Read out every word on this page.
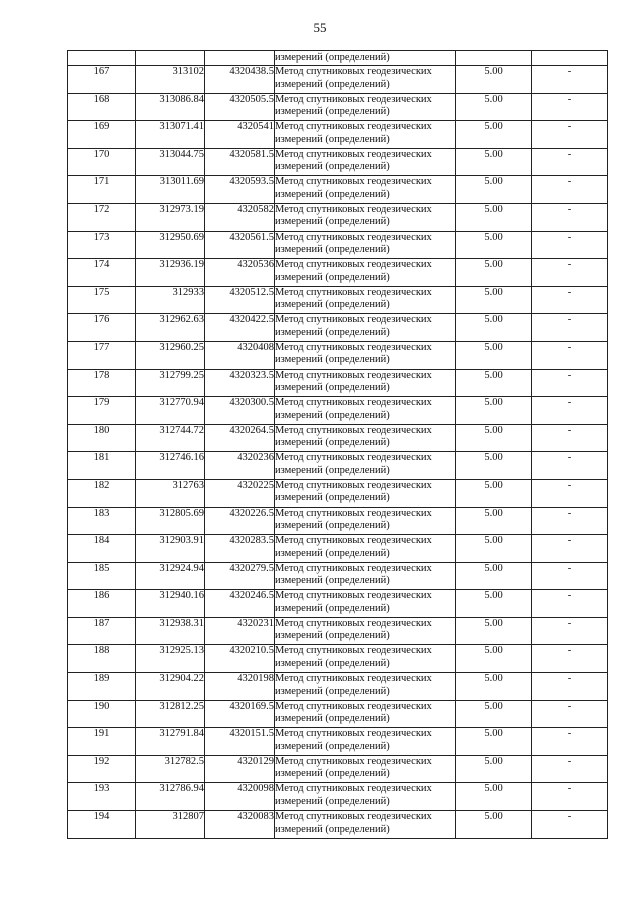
55

			измерений (определений)		

167	313102	4320438.5	Метод спутниковых геодезических
измерений (определений)	5.00	-
168	313086.84	4320505.5	Метод спутниковых геодезических
измерений (определений)	5.00	-
169	313071.41	4320541	Метод спутниковых геодезических
измерений (определений)	5.00	-
170	313044.75	4320581.5	Метод спутниковых геодезических
измерений (определений)	5.00	-
171	313011.69	4320593.5	Метод спутниковых геодезических
измерений (определений)	5.00	-
172	312973.19	4320582	Метод спутниковых геодезических
измерений (определений)	5.00	-
173	312950.69	4320561.5	Метод спутниковых геодезических
измерений (определений)	5.00	-
174	312936.19	4320536	Метод спутниковых геодезических
измерений (определений)	5.00	-
175	312933	4320512.5	Метод спутниковых геодезических
измерений (определений)	5.00	-
176	312962.63	4320422.5	Метод спутниковых геодезических
измерений (определений)	5.00	-
177	312960.25	4320408	Метод спутниковых геодезических
измерений (определений)	5.00	-
178	312799.25	4320323.5	Метод спутниковых геодезических
измерений (определений)	5.00	-
179	312770.94	4320300.5	Метод спутниковых геодезических
измерений (определений)	5.00	-
180	312744.72	4320264.5	Метод спутниковых геодезических
измерений (определений)	5.00	-
181	312746.16	4320236	Метод спутниковых геодезических
измерений (определений)	5.00	-
182	312763	4320225	Метод спутниковых геодезических
измерений (определений)	5.00	-
183	312805.69	4320226.5	Метод спутниковых геодезических
измерений (определений)	5.00	-
184	312903.91	4320283.5	Метод спутниковых геодезических
измерений (определений)	5.00	-
185	312924.94	4320279.5	Метод спутниковых геодезических
измерений (определений)	5.00	-
186	312940.16	4320246.5	Метод спутниковых геодезических
измерений (определений)	5.00	-
187	312938.31	4320231	Метод спутниковых геодезических
измерений (определений)	5.00	-
188	312925.13	4320210.5	Метод спутниковых геодезических
измерений (определений)	5.00	-
189	312904.22	4320198	Метод спутниковых геодезических
измерений (определений)	5.00	-
190	312812.25	4320169.5	Метод спутниковых геодезических
измерений (определений)	5.00	-
191	312791.84	4320151.5	Метод спутниковых геодезических
измерений (определений)	5.00	-
192	312782.5	4320129	Метод спутниковых геодезических
измерений (определений)	5.00	-
193	312786.94	4320098	Метод спутниковых геодезических
измерений (определений)	5.00	-
194	312807	4320083	Метод спутниковых геодезических
измерений (определений)	5.00	-
